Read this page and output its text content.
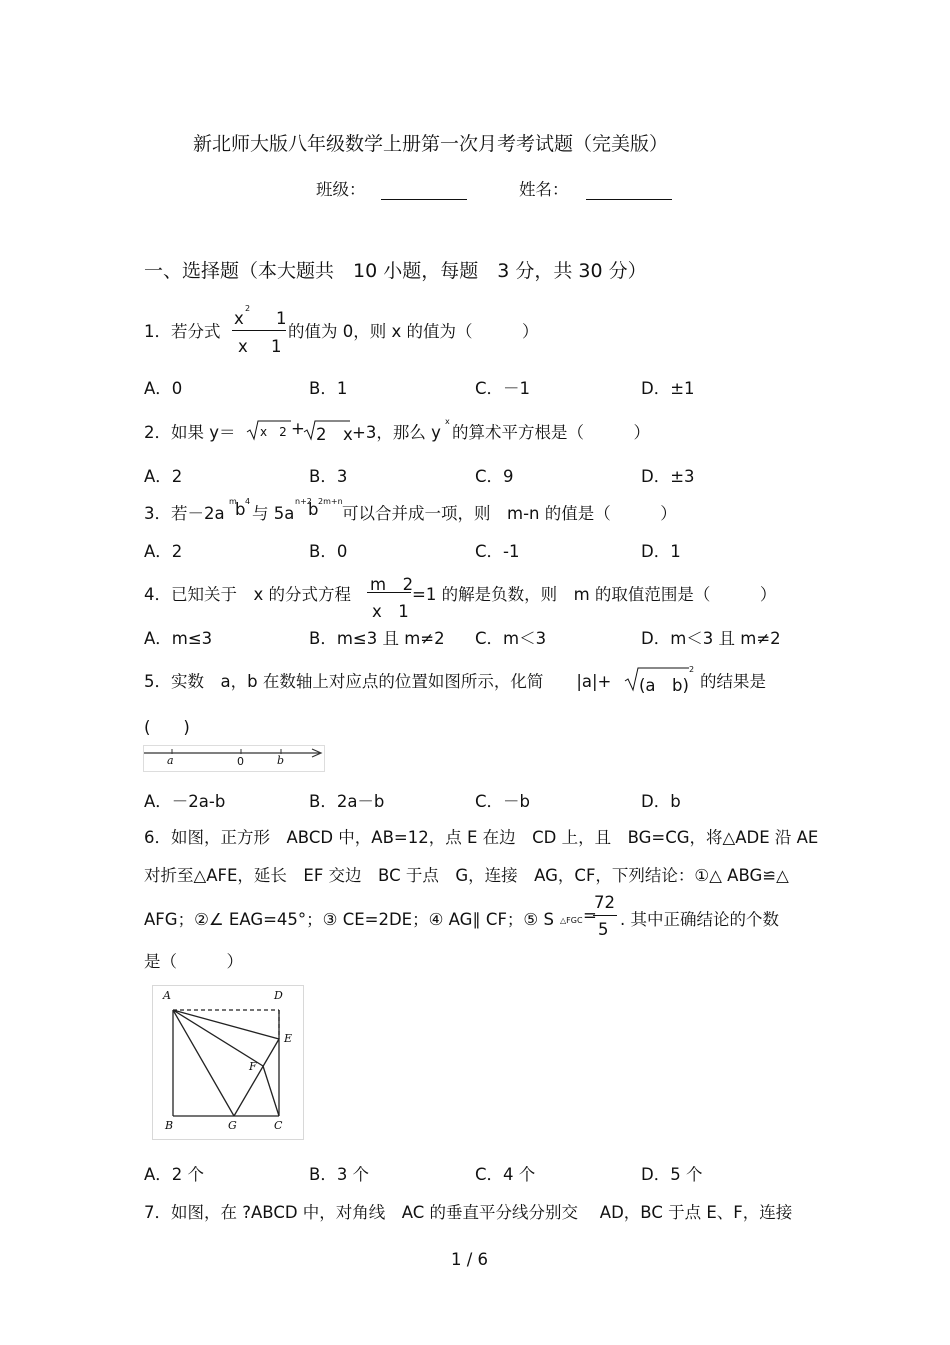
新北师大版八年级数学上册第一次月考考试题（完美版）
班级：	姓名：
一、选择题（本大题共　10 小题，每题　3 分，共 30 分）
1．若分式
x
2
1
x 1
的值为 0，则 x 的值为（　　　）
A．0	B．1	C．－1	D．±1
2．如果 y＝ x　2 + 2　x +3，那么 y
x
的算术平方根是（　　　）
A．2	B．3	C．9	D．±3
3．若－2a
m
b 4
与 5a
n+2
b 2m+n
可以合并成一项，则　m-n 的值是（　　　）
A．2	B．0	C．-1	D．1
4．已知关于　x 的分式方程
m　2
x　1
=1 的解是负数，则　m 的取值范围是（　　　）
A．m≤3	B．m≤3 且 m≠2 C．m＜3	D．m＜3 且 m≠2
5．实数　a，b 在数轴上对应点的位置如图所示，化简　　|a|+ (a　b)
2
的结果是
(　　)
a	0	b
A．－2a-b	B．2a－b	C．－b	D．b
6．如图，正方形　ABCD 中，AB=12，点 E 在边　CD 上，且　BG=CG，将△ADE 沿 AE
对折至△AFE，延长　EF 交边　BC 于点　G，连接　AG，CF，下列结论：①△ ABG≌△
AFG；②∠ EAG=45°；③ CE=2DE；④ AG∥ CF；⑤ S △FGC =
72
5
. 其中正确结论的个数
是（　　　）
A	D
E
F
B	G	C
A．2 个	B．3 个	C．4 个	D．5 个
7．如图，在 ?ABCD 中，对角线　AC 的垂直平分线分别交　 AD，BC 于点 E、F，连接
1 / 6
